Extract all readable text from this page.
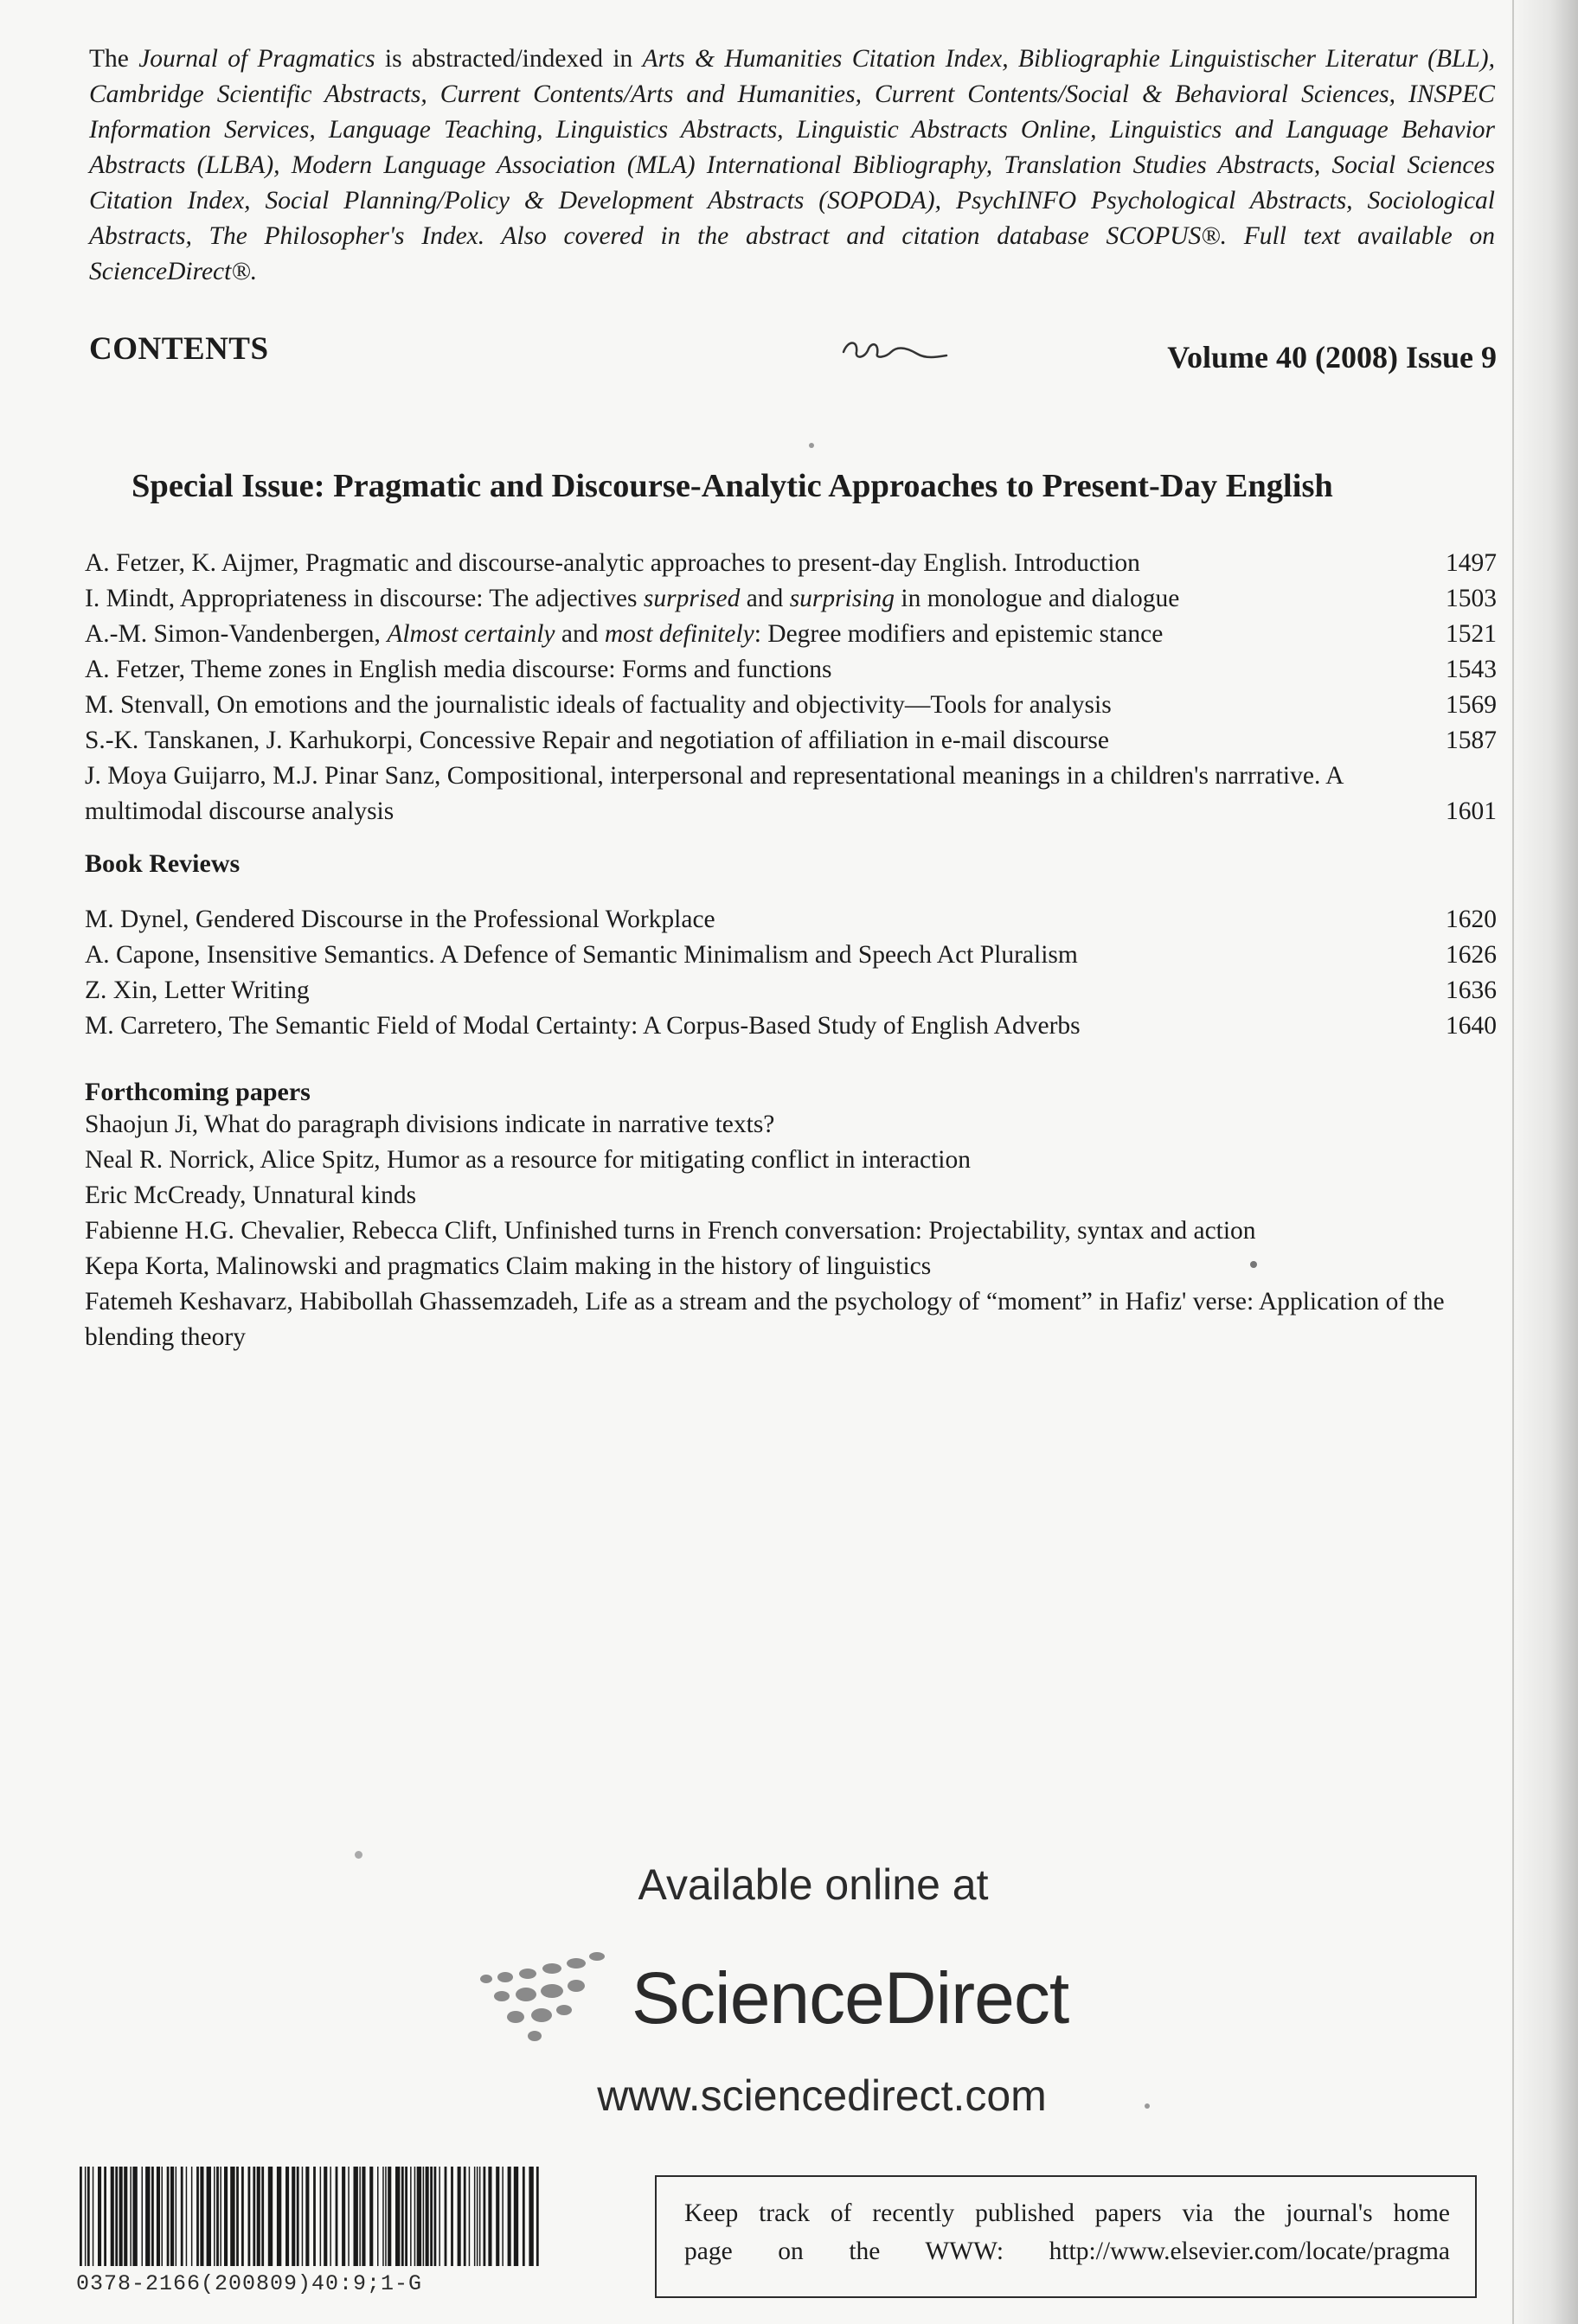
The Journal of Pragmatics is abstracted/indexed in Arts & Humanities Citation Index, Bibliographie Linguistischer Literatur (BLL), Cambridge Scientific Abstracts, Current Contents/Arts and Humanities, Current Contents/Social & Behavioral Sciences, INSPEC Information Services, Language Teaching, Linguistics Abstracts, Linguistic Abstracts Online, Linguistics and Language Behavior Abstracts (LLBA), Modern Language Association (MLA) International Bibliography, Translation Studies Abstracts, Social Sciences Citation Index, Social Planning/Policy & Development Abstracts (SOPODA), PsychINFO Psychological Abstracts, Sociological Abstracts, The Philosopher's Index. Also covered in the abstract and citation database SCOPUS®. Full text available on ScienceDirect®.
CONTENTS	Volume 40 (2008) Issue 9
Special Issue: Pragmatic and Discourse-Analytic Approaches to Present-Day English
A. Fetzer, K. Aijmer, Pragmatic and discourse-analytic approaches to present-day English. Introduction	1497
I. Mindt, Appropriateness in discourse: The adjectives surprised and surprising in monologue and dialogue	1503
A.-M. Simon-Vandenbergen, Almost certainly and most definitely: Degree modifiers and epistemic stance	1521
A. Fetzer, Theme zones in English media discourse: Forms and functions	1543
M. Stenvall, On emotions and the journalistic ideals of factuality and objectivity—Tools for analysis	1569
S.-K. Tanskanen, J. Karhukorpi, Concessive Repair and negotiation of affiliation in e-mail discourse	1587
J. Moya Guijarro, M.J. Pinar Sanz, Compositional, interpersonal and representational meanings in a children's narrrative. A multimodal discourse analysis	1601
Book Reviews
M. Dynel, Gendered Discourse in the Professional Workplace	1620
A. Capone, Insensitive Semantics. A Defence of Semantic Minimalism and Speech Act Pluralism	1626
Z. Xin, Letter Writing	1636
M. Carretero, The Semantic Field of Modal Certainty: A Corpus-Based Study of English Adverbs	1640
Forthcoming papers
Shaojun Ji, What do paragraph divisions indicate in narrative texts?
Neal R. Norrick, Alice Spitz, Humor as a resource for mitigating conflict in interaction
Eric McCready, Unnatural kinds
Fabienne H.G. Chevalier, Rebecca Clift, Unfinished turns in French conversation: Projectability, syntax and action
Kepa Korta, Malinowski and pragmatics Claim making in the history of linguistics
Fatemeh Keshavarz, Habibollah Ghassemzadeh, Life as a stream and the psychology of “moment” in Hafiz' verse: Application of the blending theory
Available online at
ScienceDirect
www.sciencedirect.com
0378-2166(200809)40:9;1-G
Keep track of recently published papers via the journal's home
page on the WWW: http://www.elsevier.com/locate/pragma
